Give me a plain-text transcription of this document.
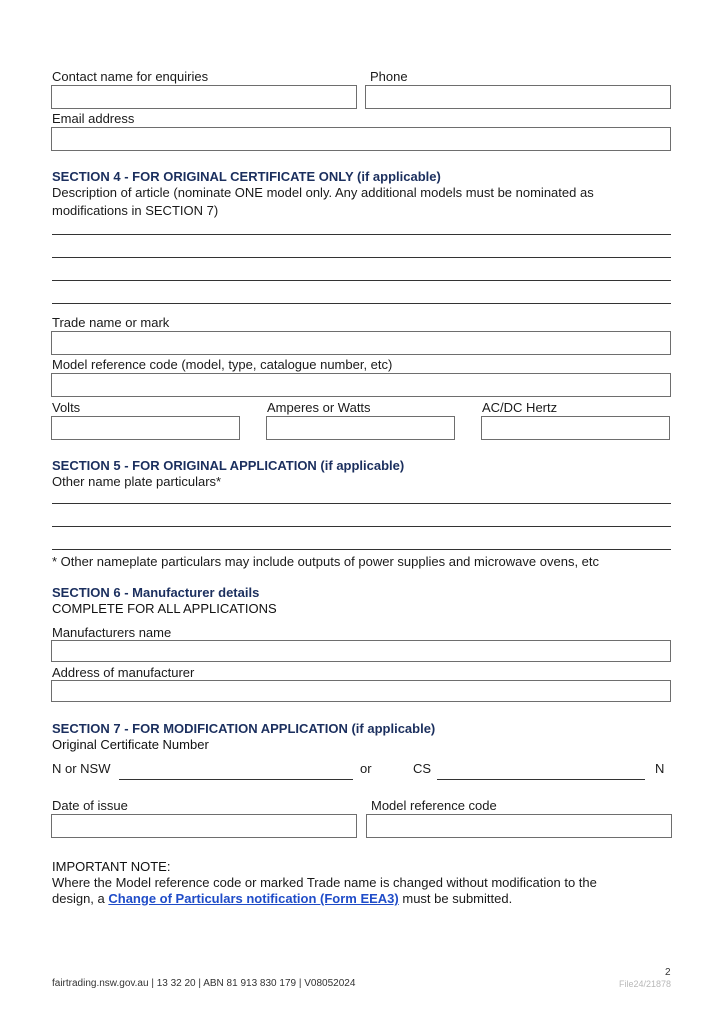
Contact name for enquiries	Phone
Email address
SECTION 4 - FOR ORIGINAL CERTIFICATE ONLY (if applicable)
Description of article (nominate ONE model only. Any additional models must be nominated as
modifications in SECTION 7)
Trade name or mark
Model reference code (model, type, catalogue number, etc)
Volts	Amperes or Watts	AC/DC Hertz
SECTION 5 - FOR ORIGINAL APPLICATION (if applicable)
Other name plate particulars*
* Other nameplate particulars may include outputs of power supplies and microwave ovens, etc
SECTION 6 - Manufacturer details
COMPLETE FOR ALL APPLICATIONS
Manufacturers name
Address of manufacturer
SECTION 7 - FOR MODIFICATION APPLICATION (if applicable)
Original Certificate Number
N or NSW	or	CS	N
Date of issue	Model reference code
IMPORTANT NOTE:
Where the Model reference code or marked Trade name is changed without modification to the
design, a Change of Particulars notification (Form EEA3) must be submitted.
2
fairtrading.nsw.gov.au | 13 32 20 | ABN 81 913 830 179 | V08052024	File24/21878
